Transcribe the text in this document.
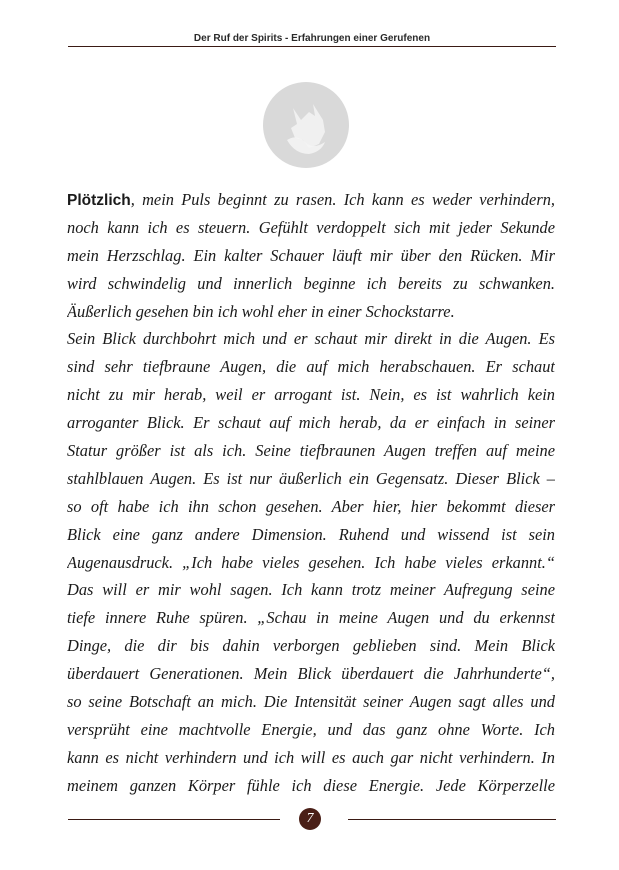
Der Ruf der Spirits - Erfahrungen einer Gerufenen
Plötzlich, mein Puls beginnt zu rasen. Ich kann es weder verhindern,
noch kann ich es steuern. Gefühlt verdoppelt sich mit jeder Sekunde
mein Herzschlag. Ein kalter Schauer läuft mir über den Rücken. Mir
wird schwindelig und innerlich beginne ich bereits zu schwanken.
Äußerlich gesehen bin ich wohl eher in einer Schockstarre.
Sein Blick durchbohrt mich und er schaut mir direkt in die Augen. Es
sind sehr tiefbraune Augen, die auf mich herabschauen. Er schaut
nicht zu mir herab, weil er arrogant ist. Nein, es ist wahrlich kein
arroganter Blick. Er schaut auf mich herab, da er einfach in seiner
Statur größer ist als ich. Seine tiefbraunen Augen treffen auf meine
stahlblauen Augen. Es ist nur äußerlich ein Gegensatz. Dieser Blick –
so oft habe ich ihn schon gesehen. Aber hier, hier bekommt dieser
Blick eine ganz andere Dimension. Ruhend und wissend ist sein
Augenausdruck. „Ich habe vieles gesehen. Ich habe vieles erkannt.“
Das will er mir wohl sagen. Ich kann trotz meiner Aufregung seine
tiefe innere Ruhe spüren. „Schau in meine Augen und du erkennst
Dinge, die dir bis dahin verborgen geblieben sind. Mein Blick
überdauert Generationen. Mein Blick überdauert die Jahrhunderte“,
so seine Botschaft an mich. Die Intensität seiner Augen sagt alles und
versprüht eine machtvolle Energie, und das ganz ohne Worte. Ich
kann es nicht verhindern und ich will es auch gar nicht verhindern. In
meinem ganzen Körper fühle ich diese Energie. Jede Körperzelle
7
